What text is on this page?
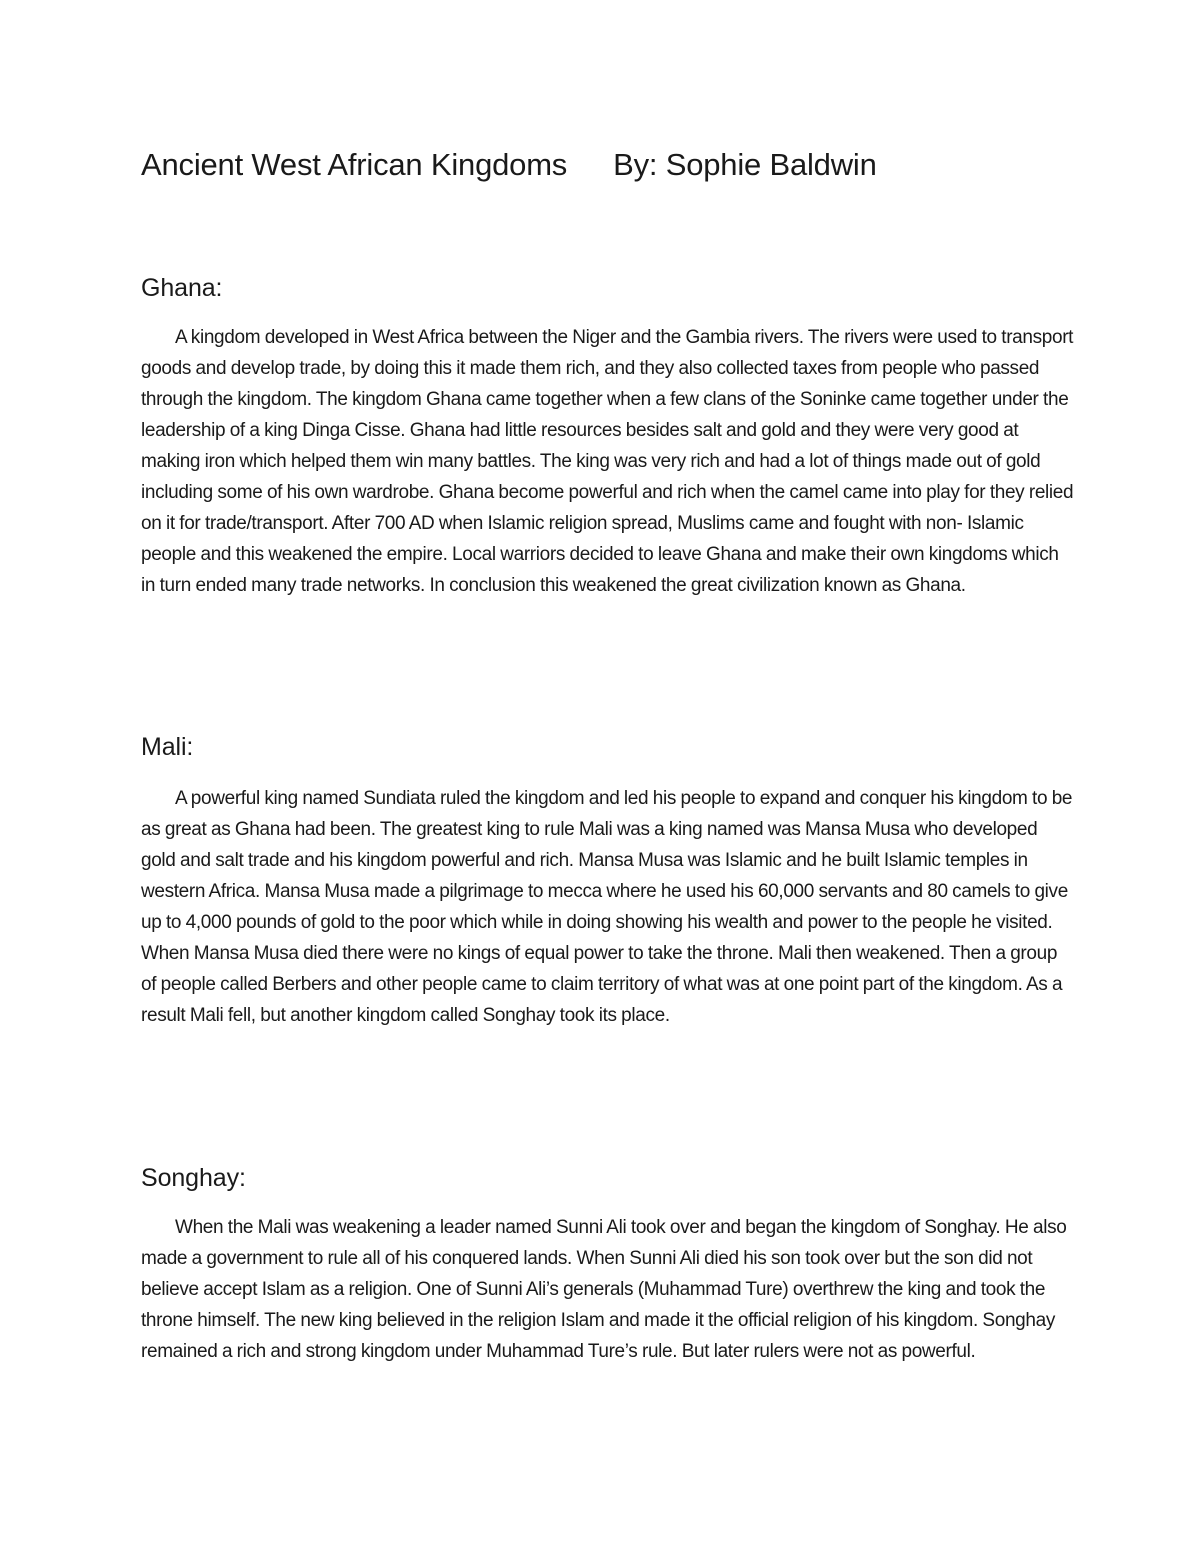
Ancient West African Kingdoms By: Sophie Baldwin
Ghana:
A kingdom developed in West Africa between the Niger and the Gambia rivers. The rivers were used to transport goods and develop trade, by doing this it made them rich, and they also collected taxes from people who passed through the kingdom. The kingdom Ghana came together when a few clans of the Soninke came together under the leadership of a king Dinga Cisse. Ghana had little resources besides salt and gold and they were very good at making iron which helped them win many battles. The king was very rich and had a lot of things made out of gold including some of his own wardrobe. Ghana become powerful and rich when the camel came into play for they relied on it for trade/transport. After 700 AD when Islamic religion spread, Muslims came and fought with non- Islamic people and this weakened the empire. Local warriors decided to leave Ghana and make their own kingdoms which in turn ended many trade networks. In conclusion this weakened the great civilization known as Ghana.
Mali:
A powerful king named Sundiata ruled the kingdom and led his people to expand and conquer his kingdom to be as great as Ghana had been. The greatest king to rule Mali was a king named was Mansa Musa who developed gold and salt trade and his kingdom powerful and rich. Mansa Musa was Islamic and he built Islamic temples in western Africa. Mansa Musa made a pilgrimage to mecca where he used his 60,000 servants and 80 camels to give up to 4,000 pounds of gold to the poor which while in doing showing his wealth and power to the people he visited. When Mansa Musa died there were no kings of equal power to take the throne. Mali then weakened. Then a group of people called Berbers and other people came to claim territory of what was at one point part of the kingdom. As a result Mali fell, but another kingdom called Songhay took its place.
Songhay:
When the Mali was weakening a leader named Sunni Ali took over and began the kingdom of Songhay. He also made a government to rule all of his conquered lands. When Sunni Ali died his son took over but the son did not believe accept Islam as a religion. One of Sunni Ali’s generals (Muhammad Ture) overthrew the king and took the throne himself. The new king believed in the religion Islam and made it the official religion of his kingdom. Songhay remained a rich and strong kingdom under Muhammad Ture’s rule. But later rulers were not as powerful.
